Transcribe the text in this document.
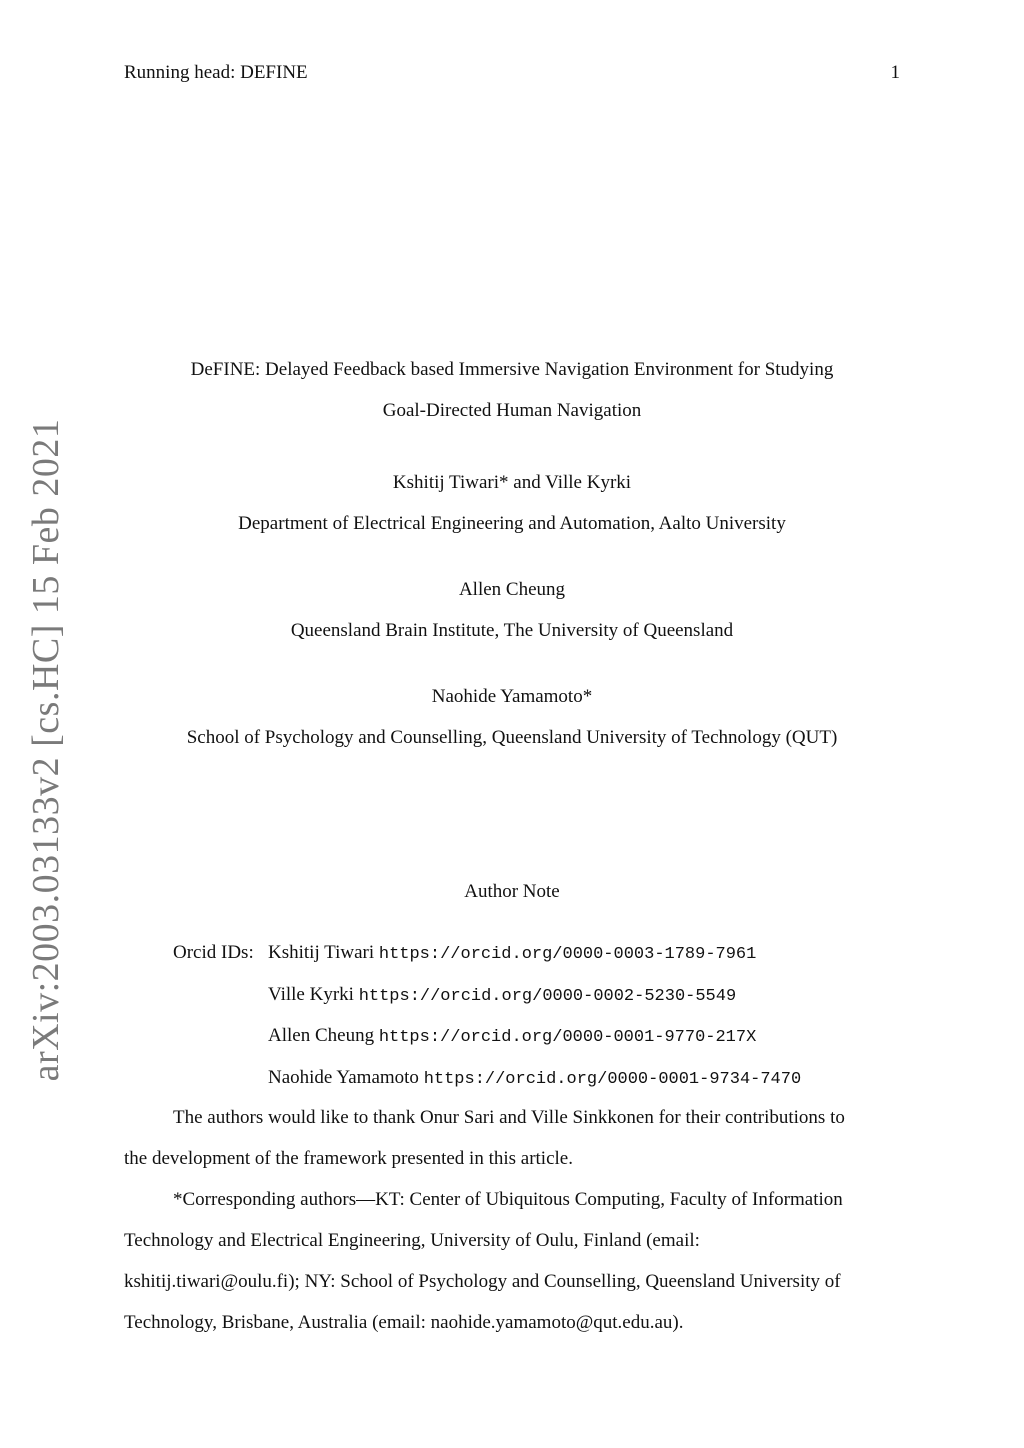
Running head: DEFINE	1
arXiv:2003.03133v2 [cs.HC] 15 Feb 2021
DeFINE: Delayed Feedback based Immersive Navigation Environment for Studying
Goal-Directed Human Navigation
Kshitij Tiwari* and Ville Kyrki
Department of Electrical Engineering and Automation, Aalto University
Allen Cheung
Queensland Brain Institute, The University of Queensland
Naohide Yamamoto*
School of Psychology and Counselling, Queensland University of Technology (QUT)
Author Note
Orcid IDs: Kshitij Tiwari https://orcid.org/0000-0003-1789-7961
Ville Kyrki https://orcid.org/0000-0002-5230-5549
Allen Cheung https://orcid.org/0000-0001-9770-217X
Naohide Yamamoto https://orcid.org/0000-0001-9734-7470
The authors would like to thank Onur Sari and Ville Sinkkonen for their contributions to
the development of the framework presented in this article.
*Corresponding authors—KT: Center of Ubiquitous Computing, Faculty of Information
Technology and Electrical Engineering, University of Oulu, Finland (email:
kshitij.tiwari@oulu.fi); NY: School of Psychology and Counselling, Queensland University of
Technology, Brisbane, Australia (email: naohide.yamamoto@qut.edu.au).
